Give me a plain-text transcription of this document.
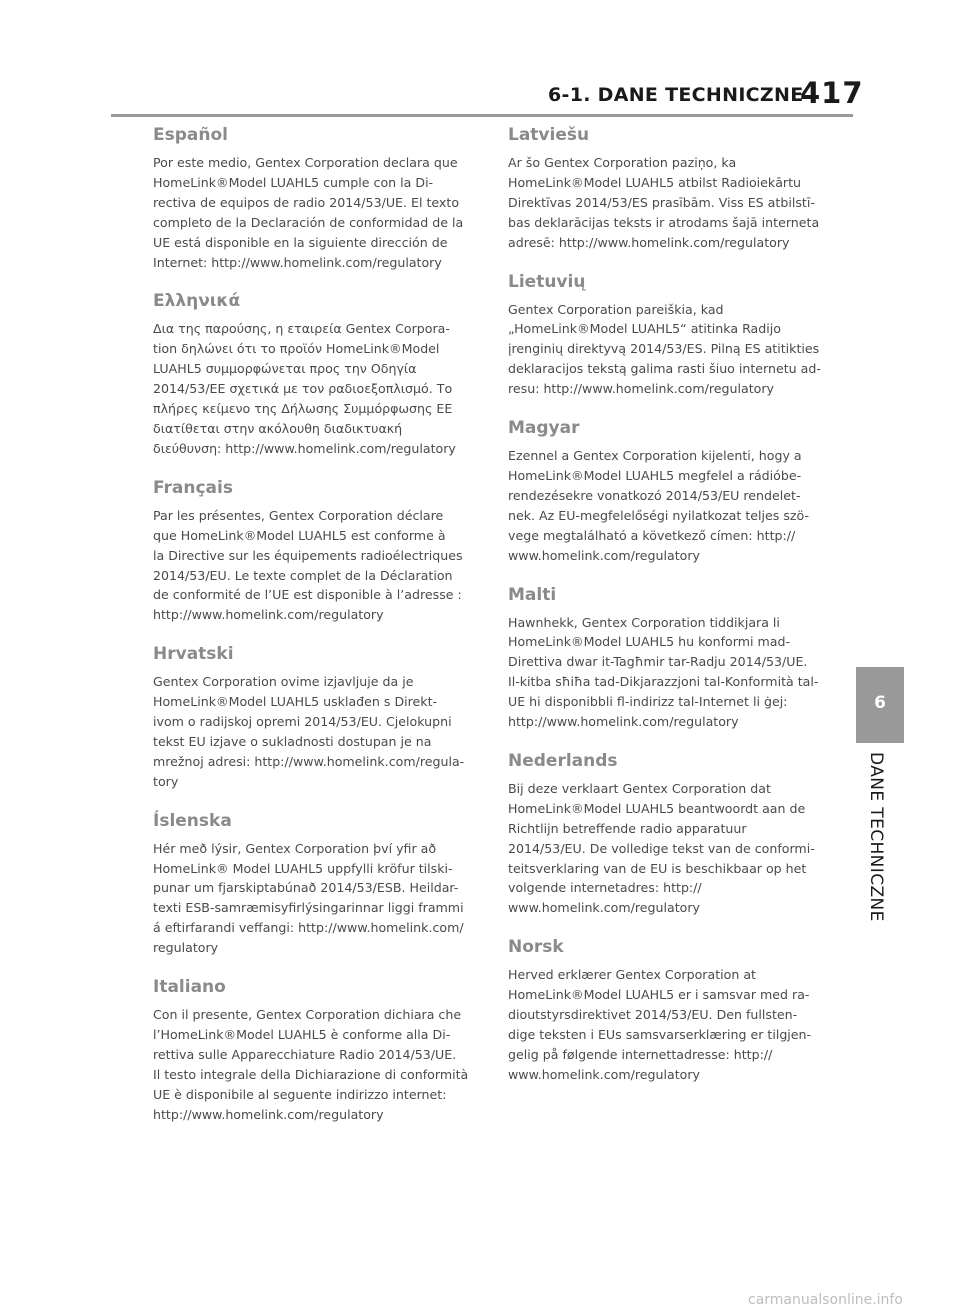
6-1. DANE TECHNICZNE
417
Español

Por este medio, Gentex Corporation declara que
HomeLink®Model LUAHL5 cumple con la Di-
rectiva de equipos de radio 2014/53/UE. El texto
completo de la Declaración de conformidad de la
UE está disponible en la siguiente dirección de
Internet: http://www.homelink.com/regulatory

Ελληνικά

Δια της παρούσης, η εταιρεία Gentex Corpora-
tion δηλώνει ότι το προϊόν HomeLink®Model
LUAHL5 συμμορφώνεται προς την Οδηγία
2014/53/ΕΕ σχετικά με τον ραδιοεξοπλισμό. Το
πλήρες κείμενο της Δήλωσης Συμμόρφωσης ΕΕ
διατίθεται στην ακόλουθη διαδικτυακή
διεύθυνση: http://www.homelink.com/regulatory

Français

Par les présentes, Gentex Corporation déclare
que HomeLink®Model LUAHL5 est conforme à
la Directive sur les équipements radioélectriques
2014/53/EU. Le texte complet de la Déclaration
de conformité de l’UE est disponible à l’adresse :
http://www.homelink.com/regulatory

Hrvatski

Gentex Corporation ovime izjavljuje da je
HomeLink®Model LUAHL5 usklađen s Direkt-
ivom o radijskoj opremi 2014/53/EU. Cjelokupni
tekst EU izjave o sukladnosti dostupan je na
mrežnoj adresi: http://www.homelink.com/regula-
tory

Íslenska

Hér með lýsir, Gentex Corporation því yfir að
HomeLink® Model LUAHL5 uppfylli kröfur tilski-
punar um fjarskiptabúnað 2014/53/ESB. Heildar-
texti ESB-samræmisyfirlýsingarinnar liggi frammi
á eftirfarandi veffangi: http://www.homelink.com/
regulatory

Italiano

Con il presente, Gentex Corporation dichiara che
l’HomeLink®Model LUAHL5 è conforme alla Di-
rettiva sulle Apparecchiature Radio 2014/53/UE.
Il testo integrale della Dichiarazione di conformità
UE è disponibile al seguente indirizzo internet:
http://www.homelink.com/regulatory

Latviešu

Ar šo Gentex Corporation paziņo, ka
HomeLink®Model LUAHL5 atbilst Radioiekārtu
Direktīvas 2014/53/ES prasībām. Viss ES atbilstī-
bas deklarācijas teksts ir atrodams šajā interneta
adresē: http://www.homelink.com/regulatory

Lietuvių

Gentex Corporation pareiškia, kad
„HomeLink®Model LUAHL5“ atitinka Radijo
įrenginių direktyvą 2014/53/ES. Pilną ES atitikties
deklaracijos tekstą galima rasti šiuo internetu ad-
resu: http://www.homelink.com/regulatory

Magyar

Ezennel a Gentex Corporation kijelenti, hogy a
HomeLink®Model LUAHL5 megfelel a rádióbe-
rendezésekre vonatkozó 2014/53/EU rendelet-
nek. Az EU-megfelelőségi nyilatkozat teljes szö-
vege megtalálható a következő címen: http://
www.homelink.com/regulatory

Malti

Hawnhekk, Gentex Corporation tiddikjara li
HomeLink®Model LUAHL5 hu konformi mad-
Direttiva dwar it-Tagħmir tar-Radju 2014/53/UE.
Il-kitba sħiħa tad-Dikjarazzjoni tal-Konformità tal-
UE hi disponibbli fl-indirizz tal-Internet li ġej:
http://www.homelink.com/regulatory

Nederlands

Bij deze verklaart Gentex Corporation dat
HomeLink®Model LUAHL5 beantwoordt aan de
Richtlijn betreffende radio apparatuur
2014/53/EU. De volledige tekst van de conformi-
teitsverklaring van de EU is beschikbaar op het
volgende internetadres: http://
www.homelink.com/regulatory

Norsk

Herved erklærer Gentex Corporation at
HomeLink®Model LUAHL5 er i samsvar med ra-
dioutstyrsdirektivet 2014/53/EU. Den fullsten-
dige teksten i EUs samsvarserklæring er tilgjen-
gelig på følgende internettadresse: http://
www.homelink.com/regulatory

6
DANE TECHNICZNE
carmanualsonline.info
